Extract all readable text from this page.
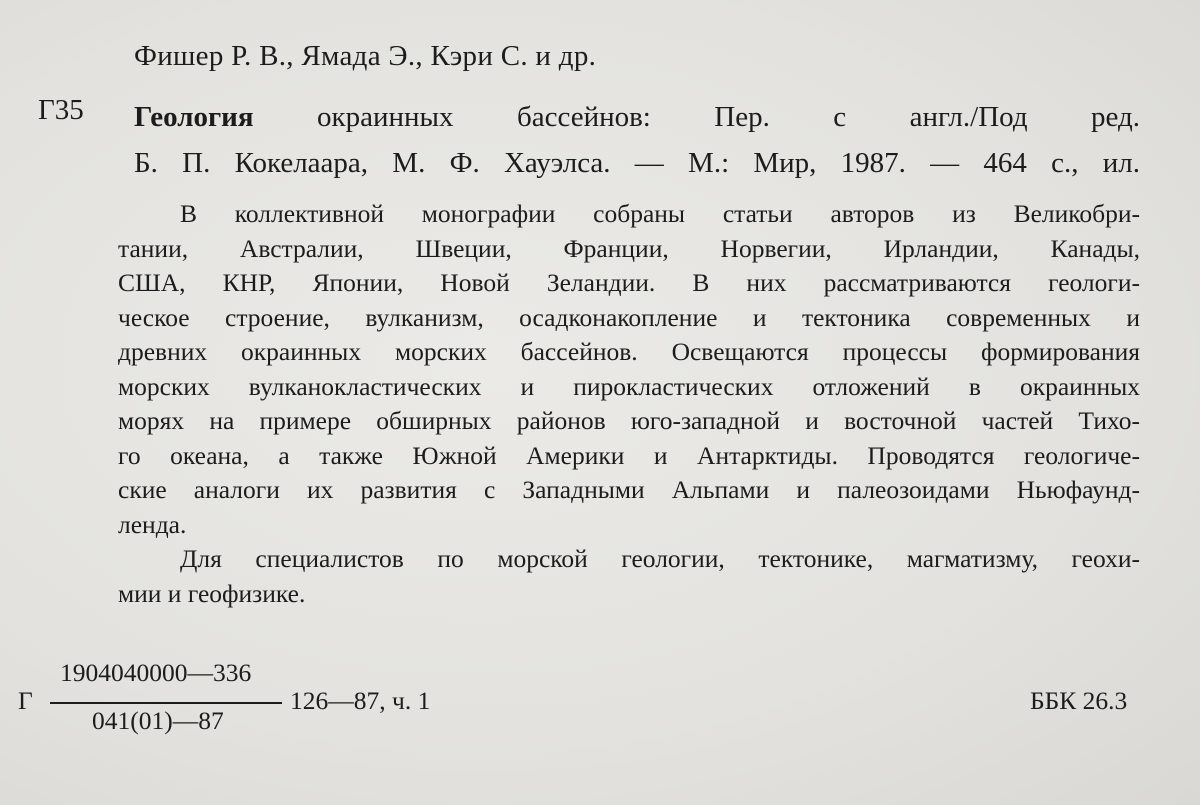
Фишер Р. В., Ямада Э., Кэри С. и др.
Г35 Геология окраинных бассейнов: Пер. с англ./Под ред.
Б. П. Кокелаара, М. Ф. Хауэлса. — М.: Мир, 1987. — 464 с., ил.
В коллективной монографии собраны статьи авторов из Великобри-
тании, Австралии, Швеции, Франции, Норвегии, Ирландии, Канады,
США, КНР, Японии, Новой Зеландии. В них рассматриваются геологи-
ческое строение, вулканизм, осадконакопление и тектоника современных и
древних окраинных морских бассейнов. Освещаются процессы формирования
морских вулканокластических и пирокластических отложений в окраинных
морях на примере обширных районов юго-западной и восточной частей Тихо-
го океана, а также Южной Америки и Антарктиды. Проводятся геологиче-
ские аналоги их развития с Западными Альпами и палеозоидами Ньюфаунд-
ленда.
Для специалистов по морской геологии, тектонике, магматизму, геохи-
мии и геофизике.
Г
1904040000—336
041(01)—87
126—87, ч. 1	ББК 26.3
